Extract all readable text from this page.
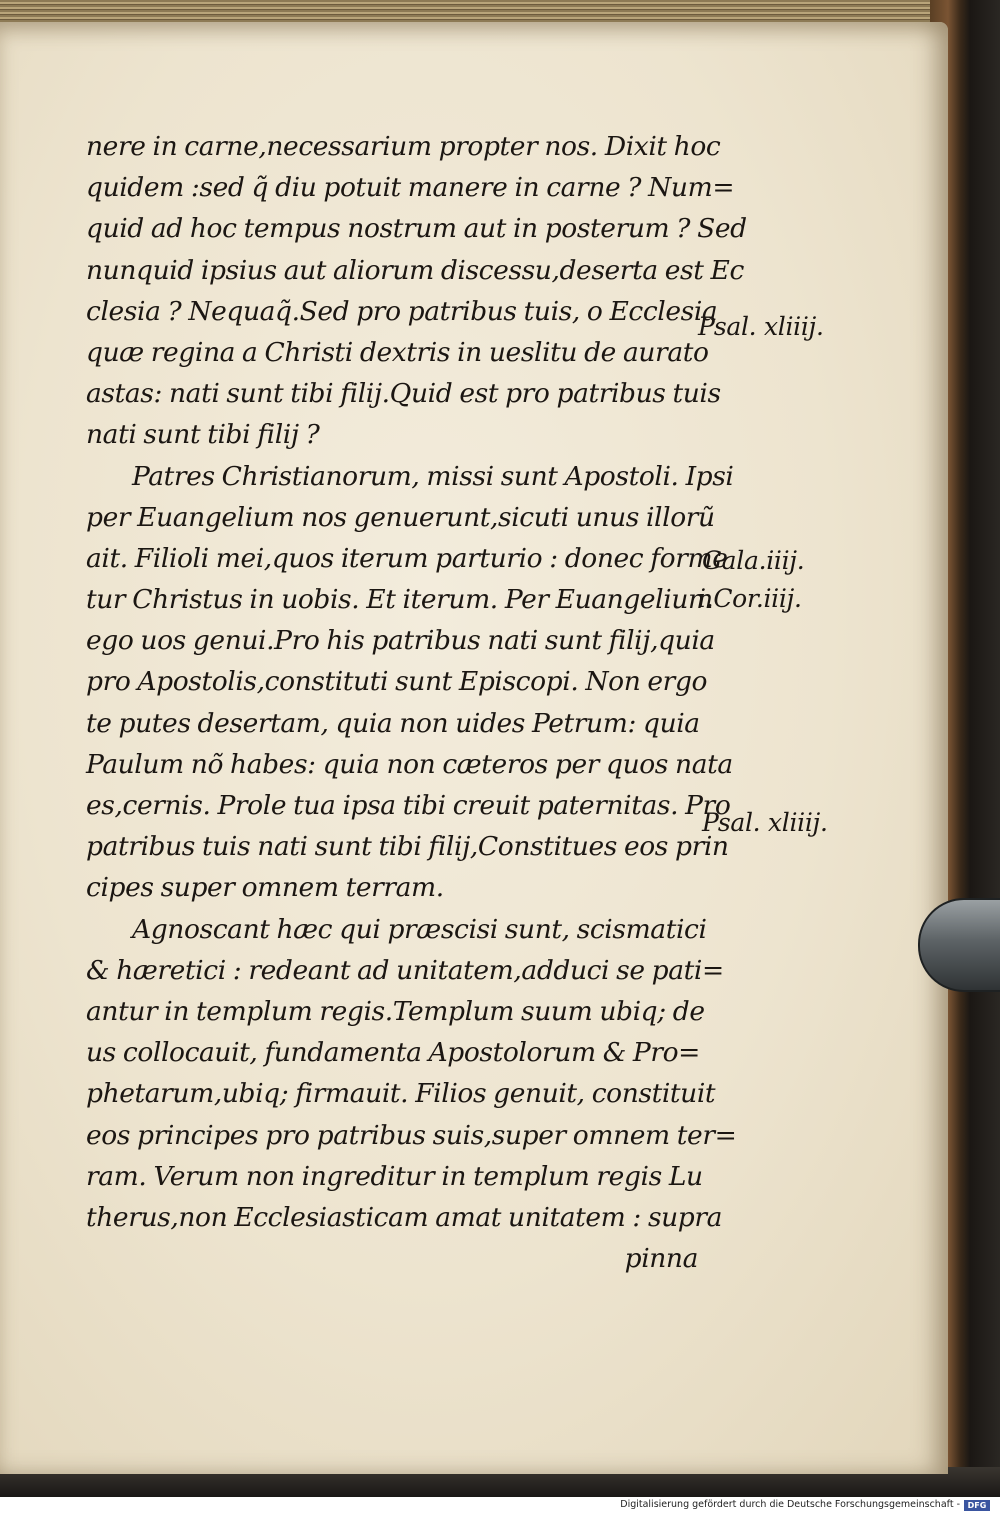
nere in carne,necessarium propter nos. Dixit hoc
quidem :sed q̃ diu potuit manere in carne ? Num=
quid ad hoc tempus nostrum aut in posterum ? Sed
nunquid ipsius aut aliorum discessu,deserta est Ec
clesia ? Nequaq̃.Sed pro patribus tuis, o Ecclesia
quæ regina a Christi dextris in ueslitu de aurato
astas: nati sunt tibi filij.Quid est pro patribus tuis
nati sunt tibi filij ?
Patres Christianorum, missi sunt Apostoli. Ipsi
per Euangelium nos genuerunt,sicuti unus illorũ
ait. Filioli mei,quos iterum parturio : donec forme
tur Christus in uobis. Et iterum. Per Euangelium
ego uos genui.Pro his patribus nati sunt filij,quia
pro Apostolis,constituti sunt Episcopi. Non ergo
te putes desertam, quia non uides Petrum: quia
Paulum nõ habes: quia non cæteros per quos nata
es,cernis. Prole tua ipsa tibi creuit paternitas. Pro
patribus tuis nati sunt tibi filij,Constitues eos prin
cipes super omnem terram.
Agnoscant hæc qui præscisi sunt, scismatici
& hæretici : redeant ad unitatem,adduci se pati=
antur in templum regis.Templum suum ubiq; de
us collocauit, fundamenta Apostolorum & Pro=
phetarum,ubiq; firmauit. Filios genuit, constituit
eos principes pro patribus suis,super omnem ter=
ram. Verum non ingreditur in templum regis Lu
therus,non Ecclesiasticam amat unitatem : supra
pinna
Psal. xliiij.
Gala.iiij.
i.Cor.iiij.
Psal. xliiij.
Digitalisierung gefördert durch die Deutsche Forschungsgemeinschaft - DFG
